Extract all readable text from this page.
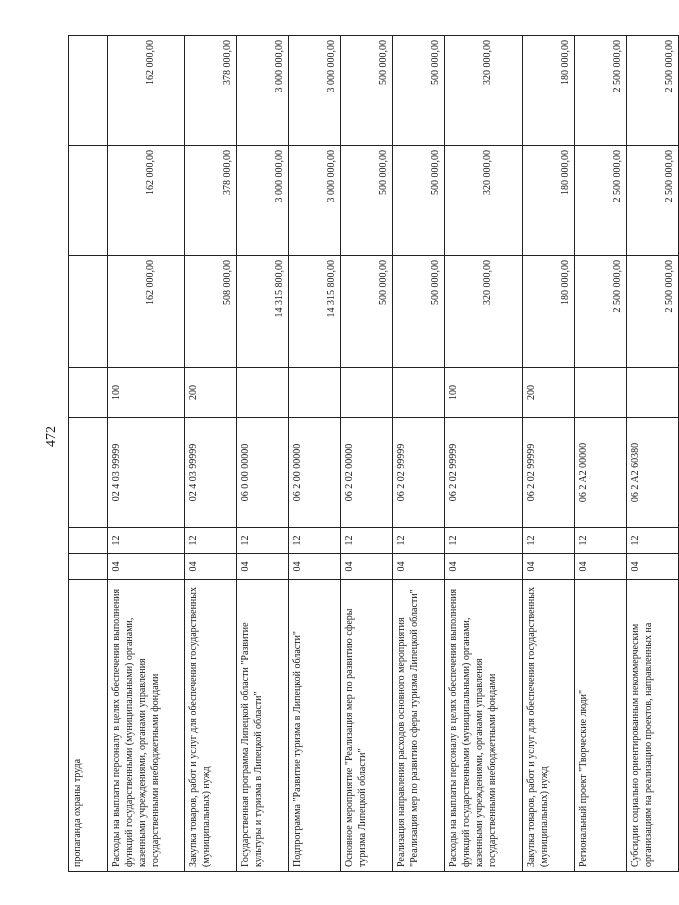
472
пропаганда охраны труда							
Расходы на выплаты персоналу в целях обеспечения выполнения функций государственными (муниципальными) органами, казенными учреждениями, органами управления государственными внебюджетными фондами	04	12	02 4 03 99999	100	162 000,00	162 000,00	162 000,00
Закупка товаров, работ и услуг для обеспечения государственных (муниципальных) нужд	04	12	02 4 03 99999	200	508 000,00	378 000,00	378 000,00
Государственная программа Липецкой области "Развитие культуры и туризма в Липецкой области"	04	12	06 0 00 00000		14 315 800,00	3 000 000,00	3 000 000,00
Подпрограмма "Развитие туризма в Липецкой области"	04	12	06 2 00 00000		14 315 800,00	3 000 000,00	3 000 000,00
Основное мероприятие "Реализация мер по развитию сферы туризма Липецкой области"	04	12	06 2 02 00000		500 000,00	500 000,00	500 000,00
Реализация направления расходов основного мероприятия "Реализация мер по развитию сферы туризма Липецкой области"	04	12	06 2 02 99999		500 000,00	500 000,00	500 000,00
Расходы на выплаты персоналу в целях обеспечения выполнения функций государственными (муниципальными) органами, казенными учреждениями, органами управления государственными внебюджетными фондами	04	12	06 2 02 99999	100	320 000,00	320 000,00	320 000,00
Закупка товаров, работ и услуг для обеспечения государственных (муниципальных) нужд	04	12	06 2 02 99999	200	180 000,00	180 000,00	180 000,00
Региональный проект "Творческие люди"	04	12	06 2 A2 00000		2 500 000,00	2 500 000,00	2 500 000,00
Субсидии социально ориентированным некоммерческим организациям на реализацию проектов, направленных на	04	12	06 2 A2 60380		2 500 000,00	2 500 000,00	2 500 000,00
